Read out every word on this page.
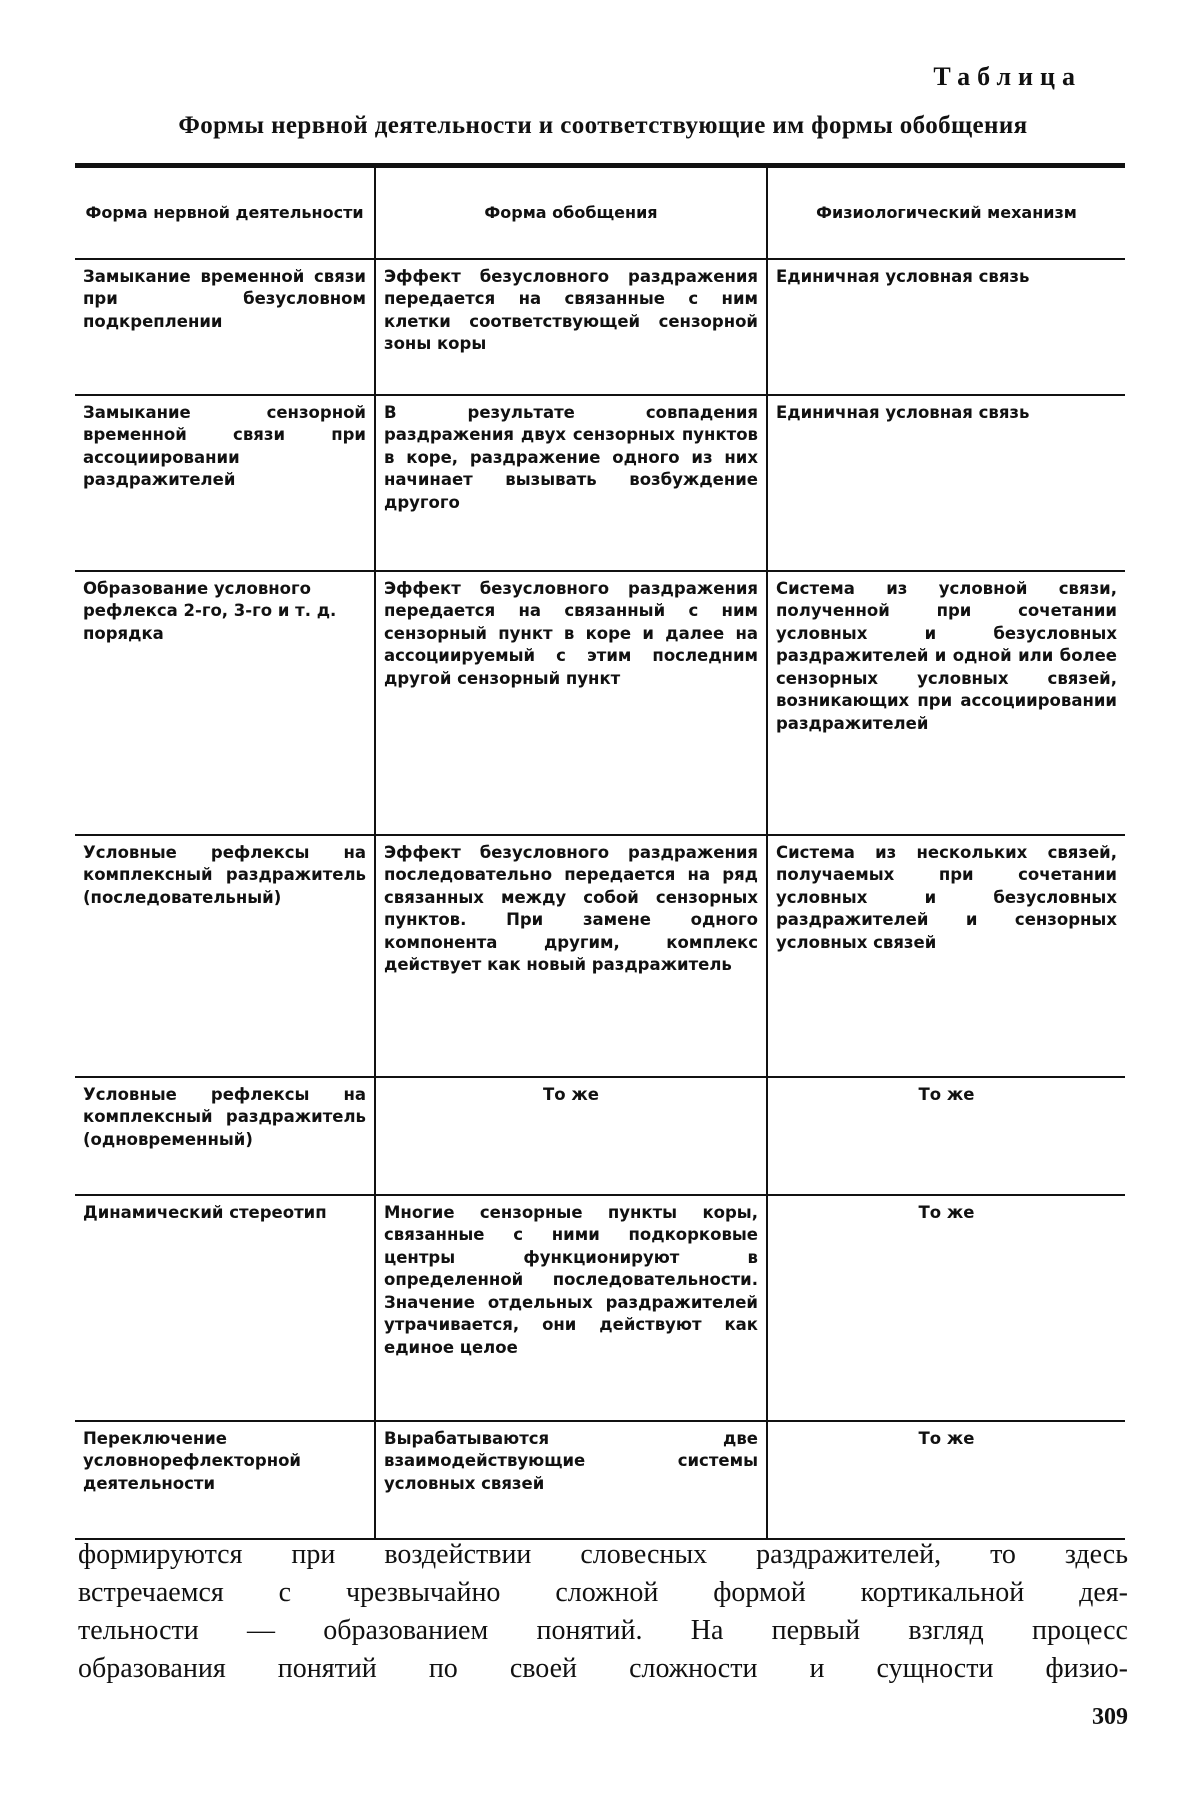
Таблица
Формы нервной деятельности и соответствующие им формы обобщения
Форма нервной деятельности	Форма обобщения	Физиологический механизм
Замыкание временной связи при безусловном подкреплении	Эффект безусловного раздражения передается на связанные с ним клетки соответствующей сензорной зоны коры	Единичная условная связь
Замыкание сензорной временной связи при ассоциировании раздражителей	В результате совпадения раздражения двух сензорных пунктов в коре, раздражение одного из них начинает вызывать возбуждение другого	Единичная условная связь
Образование условного рефлекса 2-го, 3-го и т. д. порядка	Эффект безусловного раздражения передается на связанный с ним сензорный пункт в коре и далее на ассоциируемый с этим последним другой сензорный пункт	Система из условной связи, полученной при сочетании условных и безусловных раздражителей и одной или более сензорных условных связей, возникающих при ассоциировании раздражителей
Условные рефлексы на комплексный раздражитель (последовательный)	Эффект безусловного раздражения последовательно передается на ряд связанных между собой сензорных пунктов. При замене одного компонента другим, комплекс действует как новый раздражитель	Система из нескольких связей, получаемых при сочетании условных и безусловных раздражителей и сензорных условных связей
Условные рефлексы на комплексный раздражитель (одновременный)	То же	То же
Динамический стереотип	Многие сензорные пункты коры, связанные с ними подкорковые центры функционируют в определенной последовательности. Значение отдельных раздражителей утрачивается, они действуют как единое целое	То же
Переключение условнорефлекторной деятельности	Вырабатываются две взаимодействующие системы условных связей	То же
формируются при воздействии словесных раздражителей, то здесь
встречаемся с чрезвычайно сложной формой кортикальной дея-
тельности — образованием понятий. На первый взгляд процесс
образования понятий по своей сложности и сущности физио-
309
